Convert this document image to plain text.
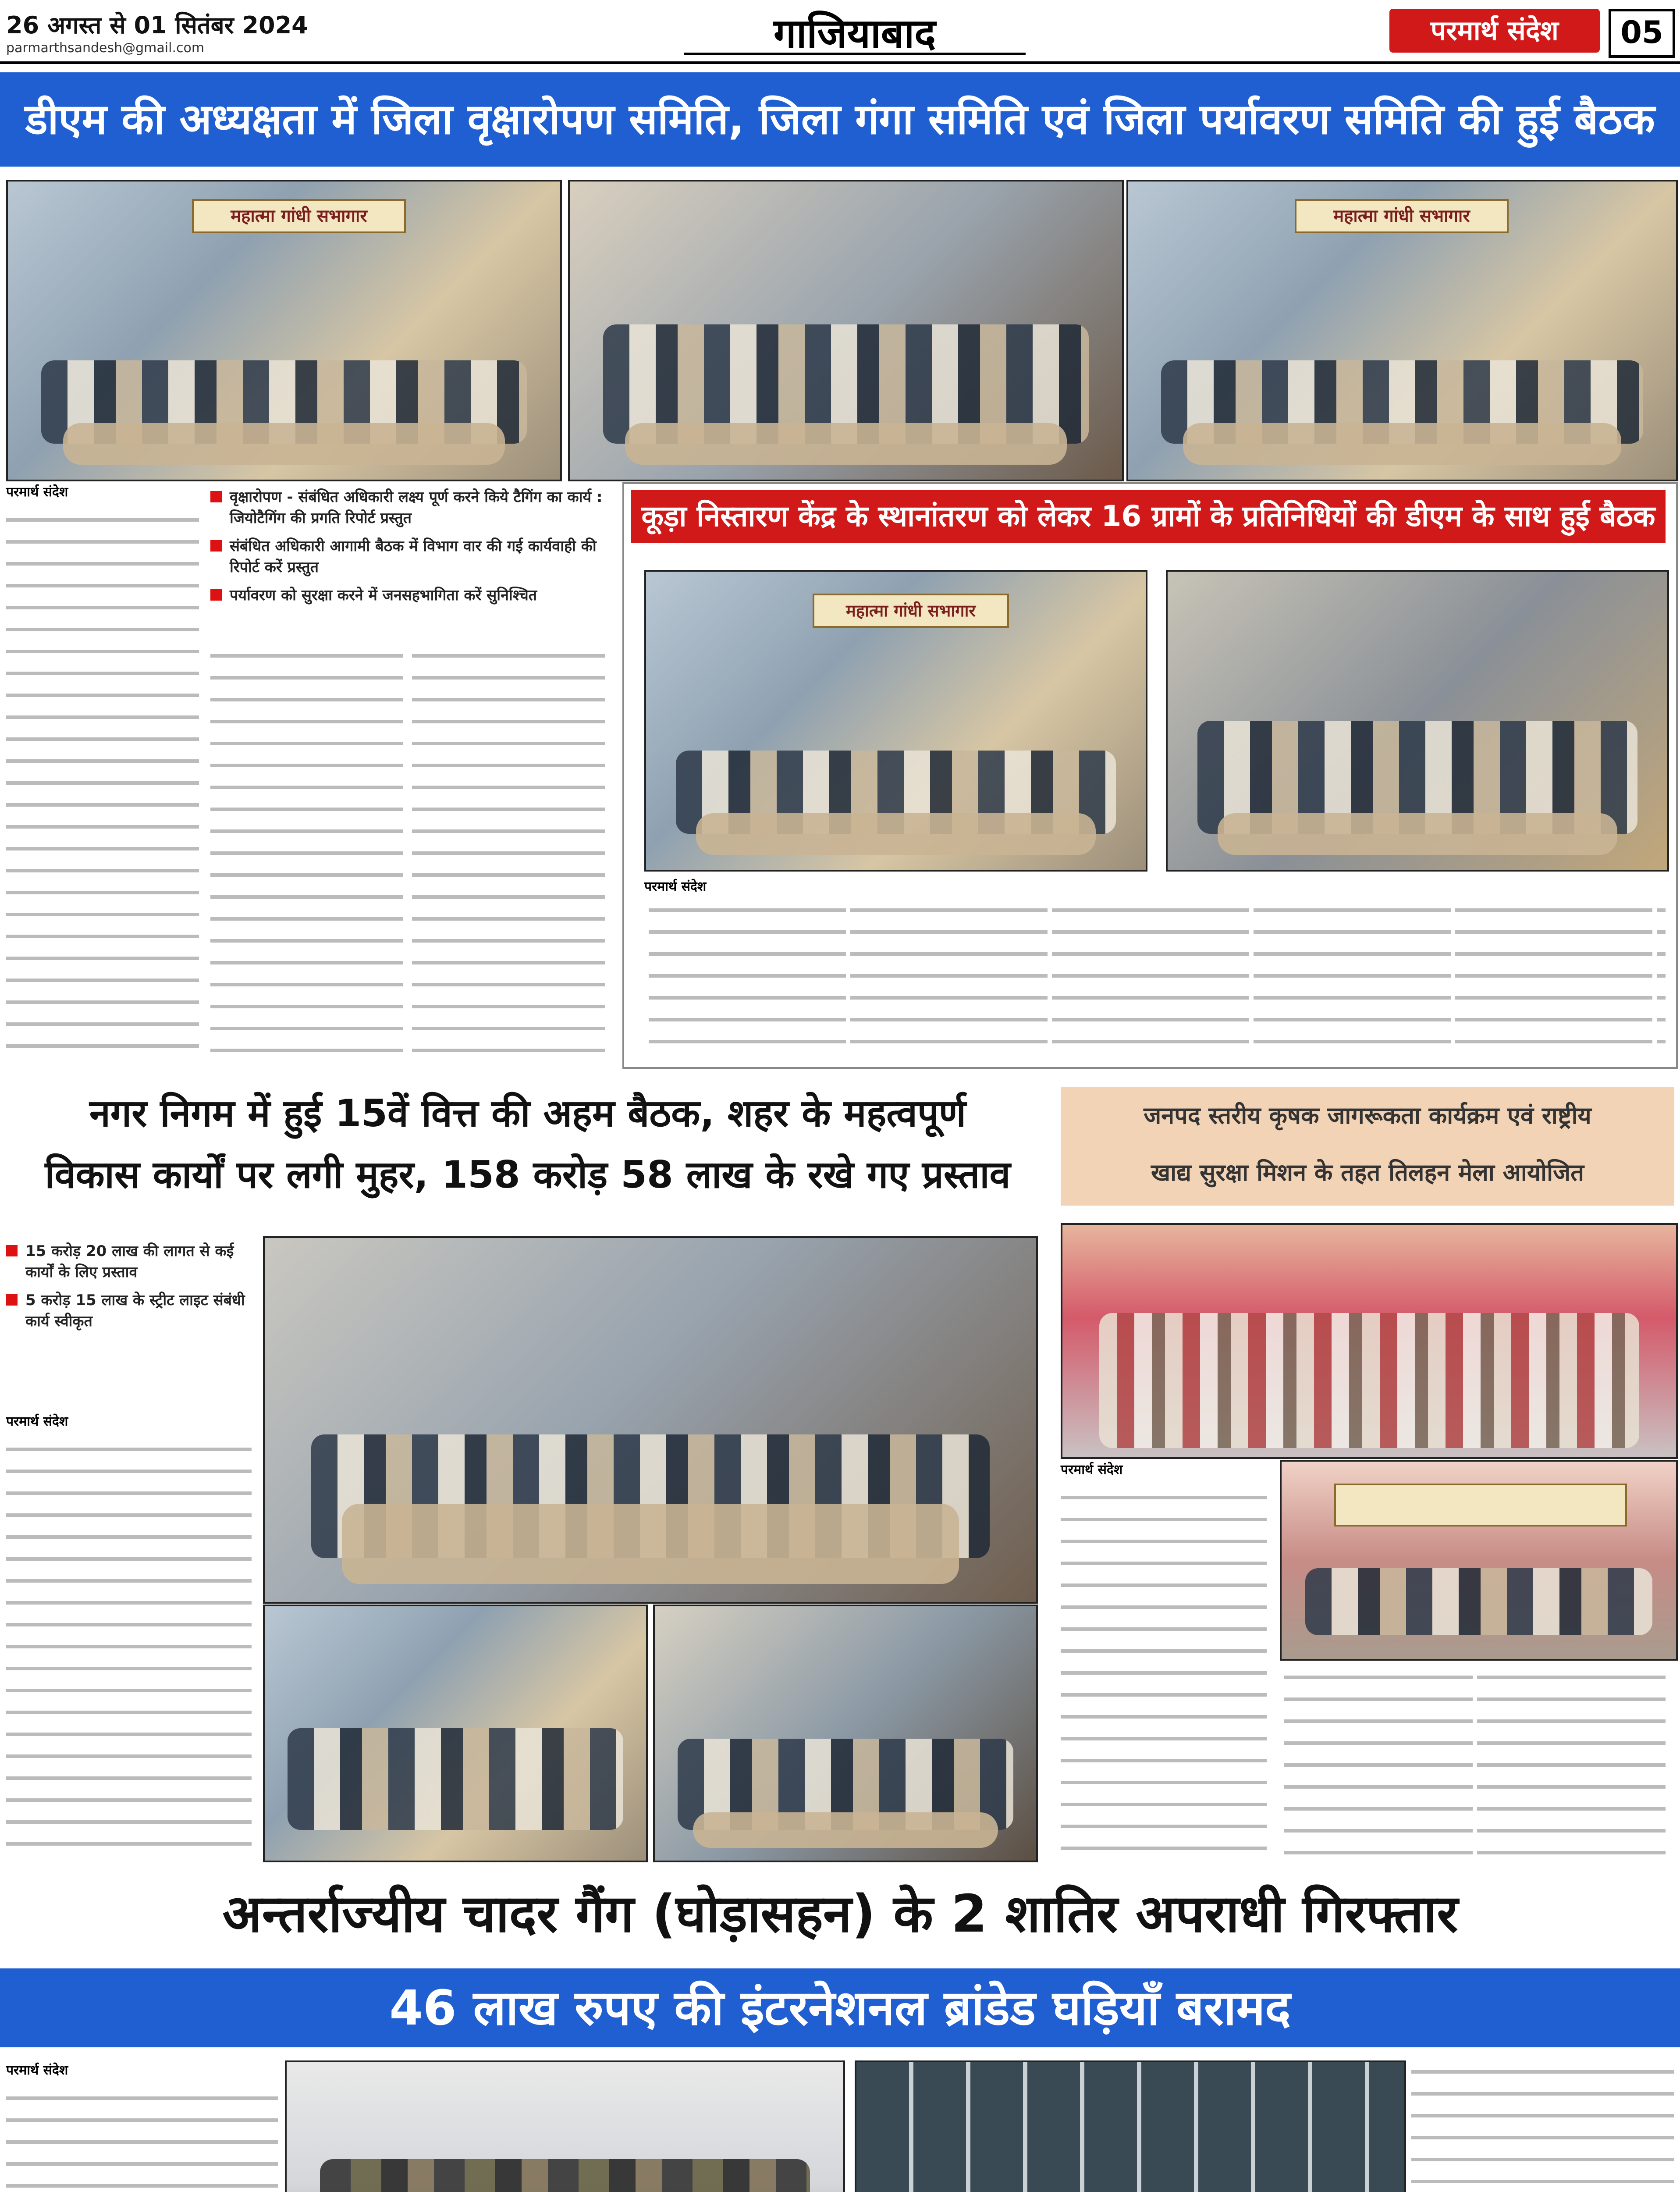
26 अगस्त से 01 सितंबर 2024
parmarthsandesh@gmail.com	गाजियाबाद	परमार्थ संदेश	05
डीएम की अध्यक्षता में जिला वृक्षारोपण समिति, जिला गंगा समिति एवं जिला पर्यावरण समिति की हुई बैठक
महात्मा गांधी सभागार	महात्मा गांधी सभागार
परमार्थ संदेश	वृक्षारोपण - संबंधित अधिकारी लक्ष्य पूर्ण करने किये टैगिंग का कार्य : जियोटैगिंग की प्रगति रिपोर्ट प्रस्तुत
संबंधित अधिकारी आगामी बैठक में विभाग वार की गई कार्यवाही की रिपोर्ट करें प्रस्तुत
पर्यावरण को सुरक्षा करने में जनसहभागिता करें सुनिश्चित
कूड़ा निस्तारण केंद्र के स्थानांतरण को लेकर 16 ग्रामों के प्रतिनिधियों की डीएम के साथ हुई बैठक
महात्मा गांधी सभागार
परमार्थ संदेश
नगर निगम में हुई 15वें वित्त की अहम बैठक, शहर के महत्वपूर्ण
विकास कार्यों पर लगी मुहर, 158 करोड़ 58 लाख के रखे गए प्रस्ताव
15 करोड़ 20 लाख की लागत से कई कार्यों के लिए प्रस्ताव
5 करोड़ 15 लाख के स्ट्रीट लाइट संबंधी कार्य स्वीकृत
परमार्थ संदेश
जनपद स्तरीय कृषक जागरूकता कार्यक्रम एवं राष्ट्रीय
खाद्य सुरक्षा मिशन के तहत तिलहन मेला आयोजित
परमार्थ संदेश
अन्तर्राज्यीय चादर गैंग (घोड़ासहन) के 2 शातिर अपराधी गिरफ्तार
46 लाख रुपए की इंटरनेशनल ब्रांडेड घड़ियाँ बरामद
परमार्थ संदेश
